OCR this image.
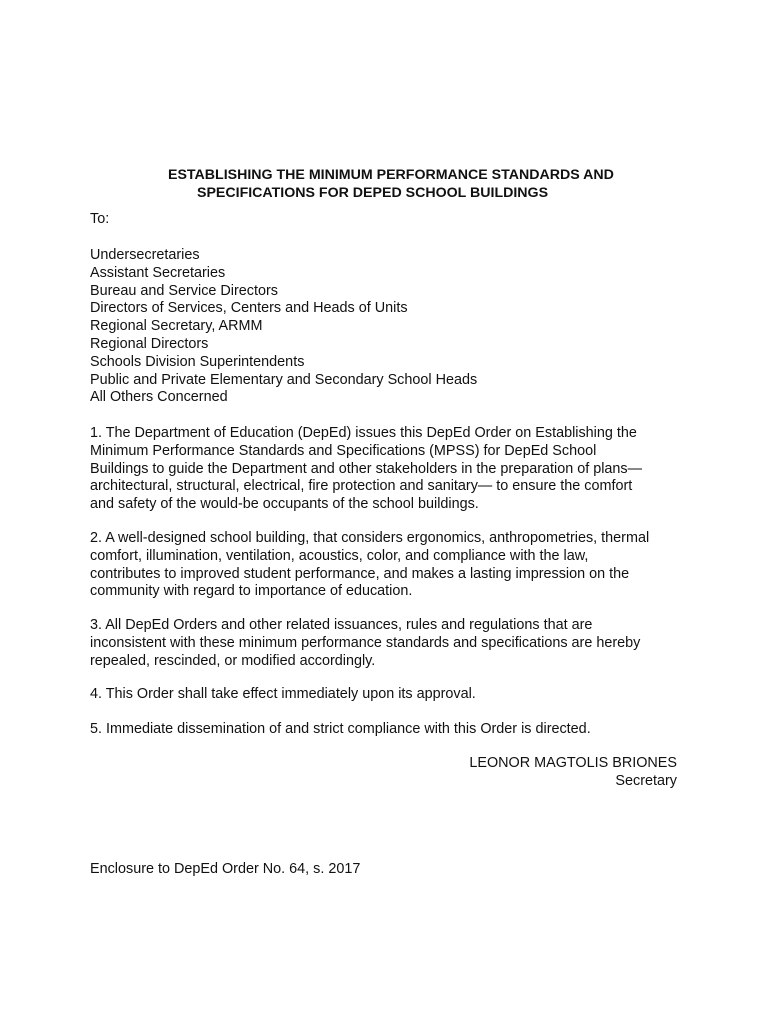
ESTABLISHING THE MINIMUM PERFORMANCE STANDARDS AND
SPECIFICATIONS FOR DEPED SCHOOL BUILDINGS
To:
Undersecretaries
Assistant Secretaries
Bureau and Service Directors
Directors of Services, Centers and Heads of Units
Regional Secretary, ARMM
Regional Directors
Schools Division Superintendents
Public and Private Elementary and Secondary School Heads
All Others Concerned

1. The Department of Education (DepEd) issues this DepEd Order on Establishing the
Minimum Performance Standards and Specifications (MPSS) for DepEd School
Buildings to guide the Department and other stakeholders in the preparation of plans—
architectural, structural, electrical, fire protection and sanitary— to ensure the comfort
and safety of the would-be occupants of the school buildings.

2. A well-designed school building, that considers ergonomics, anthropometries, thermal
comfort, illumination, ventilation, acoustics, color, and compliance with the law,
contributes to improved student performance, and makes a lasting impression on the
community with regard to importance of education.

3. All DepEd Orders and other related issuances, rules and regulations that are
inconsistent with these minimum performance standards and specifications are hereby
repealed, rescinded, or modified accordingly.

4. This Order shall take effect immediately upon its approval.

5. Immediate dissemination of and strict compliance with this Order is directed.

LEONOR MAGTOLIS BRIONES
Secretary
Enclosure to DepEd Order No. 64, s. 2017
